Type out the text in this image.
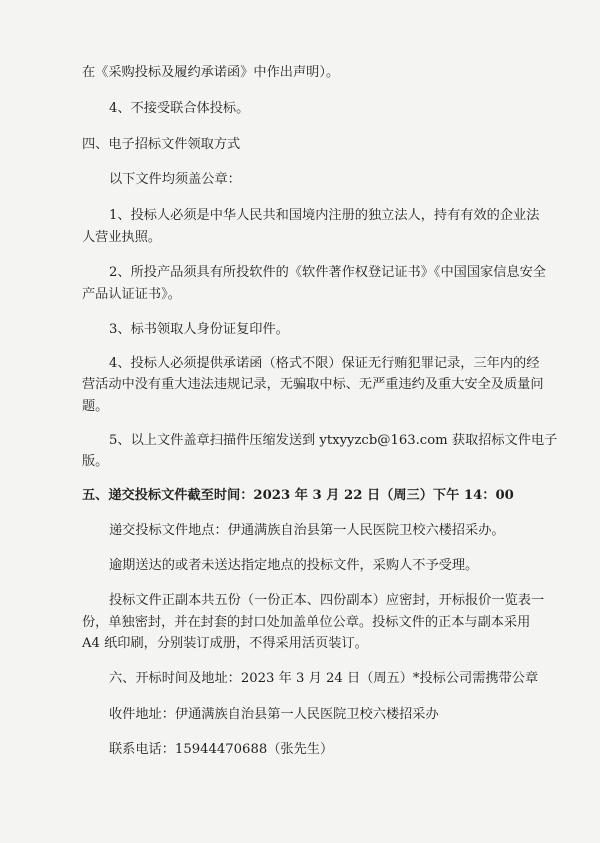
在《采购投标及履约承诺函》中作出声明）。
4、不接受联合体投标。
四、电子招标文件领取方式
以下文件均须盖公章：
1、投标人必须是中华人民共和国境内注册的独立法人，持有有效的企业法
人营业执照。
2、所投产品须具有所投软件的《软件著作权登记证书》《中国国家信息安全
产品认证证书》。
3、标书领取人身份证复印件。
4、投标人必须提供承诺函（格式不限）保证无行贿犯罪记录，三年内的经
营活动中没有重大违法违规记录，无骗取中标、无严重违约及重大安全及质量问
题。
5、以上文件盖章扫描件压缩发送到 ytxyyzcb@163.com 获取招标文件电子
版。
五、递交投标文件截至时间：2023 年 3 月 22 日（周三）下午 14：00
递交投标文件地点：伊通满族自治县第一人民医院卫校六楼招采办。
逾期送达的或者未送达指定地点的投标文件，采购人不予受理。
投标文件正副本共五份（一份正本、四份副本）应密封，开标报价一览表一
份，单独密封，并在封套的封口处加盖单位公章。投标文件的正本与副本采用
A4 纸印刷，分别装订成册，不得采用活页装订。
六、开标时间及地址：2023 年 3 月 24 日（周五）*投标公司需携带公章
收件地址：伊通满族自治县第一人民医院卫校六楼招采办
联系电话：15944470688（张先生）
